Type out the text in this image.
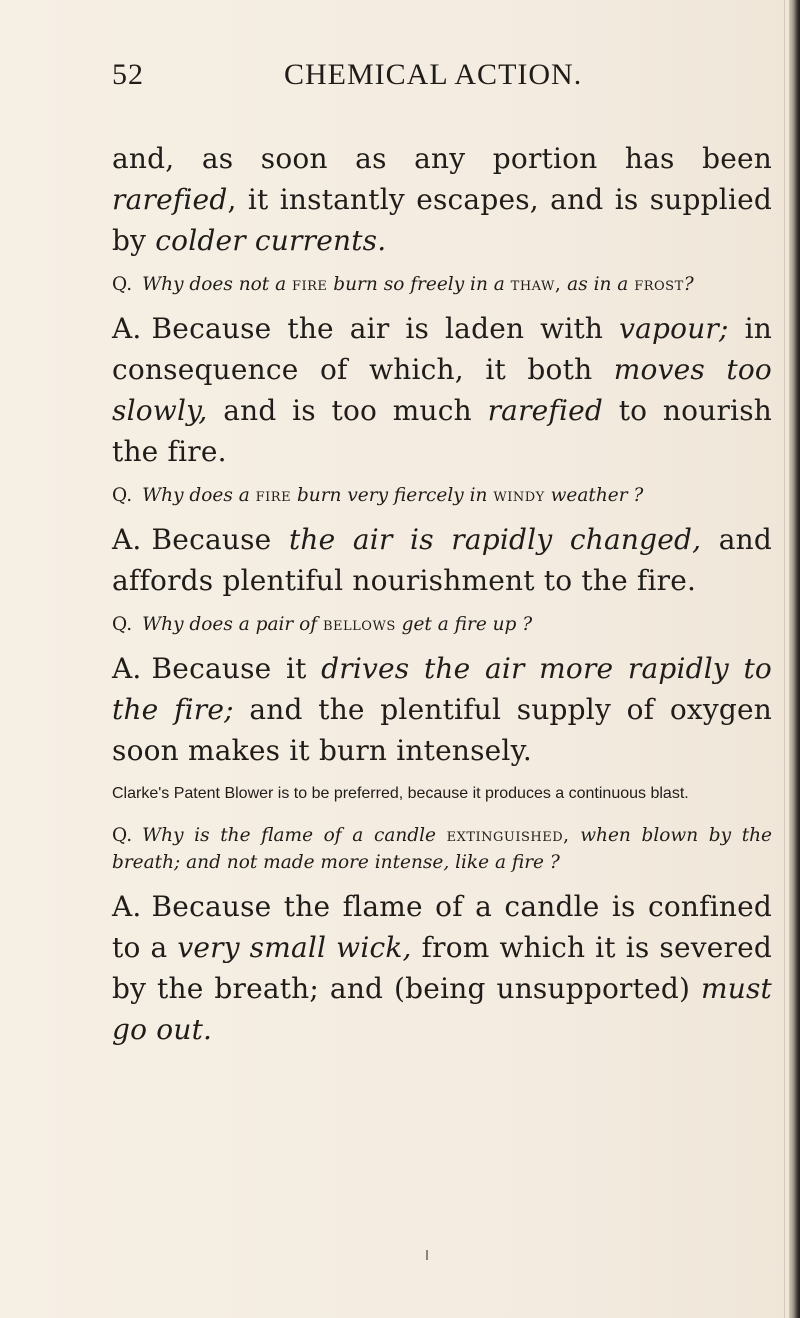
52	CHEMICAL ACTION.

and, as soon as any portion has been rarefied, it instantly escapes, and is supplied by colder currents.

Q. Why does not a fire burn so freely in a thaw, as in a frost?

A. Because the air is laden with vapour; in consequence of which, it both moves too slowly, and is too much rarefied to nourish the fire.

Q. Why does a fire burn very fiercely in windy weather ?

A. Because the air is rapidly changed, and affords plentiful nourishment to the fire.

Q. Why does a pair of bellows get a fire up ?

A. Because it drives the air more rapidly to the fire; and the plentiful supply of oxygen soon makes it burn intensely.

Clarke's Patent Blower is to be preferred, because it produces a continuous blast.

Q. Why is the flame of a candle extinguished, when blown by the breath; and not made more intense, like a fire ?

A. Because the flame of a candle is confined to a very small wick, from which it is severed by the breath; and (being unsupported) must go out.
